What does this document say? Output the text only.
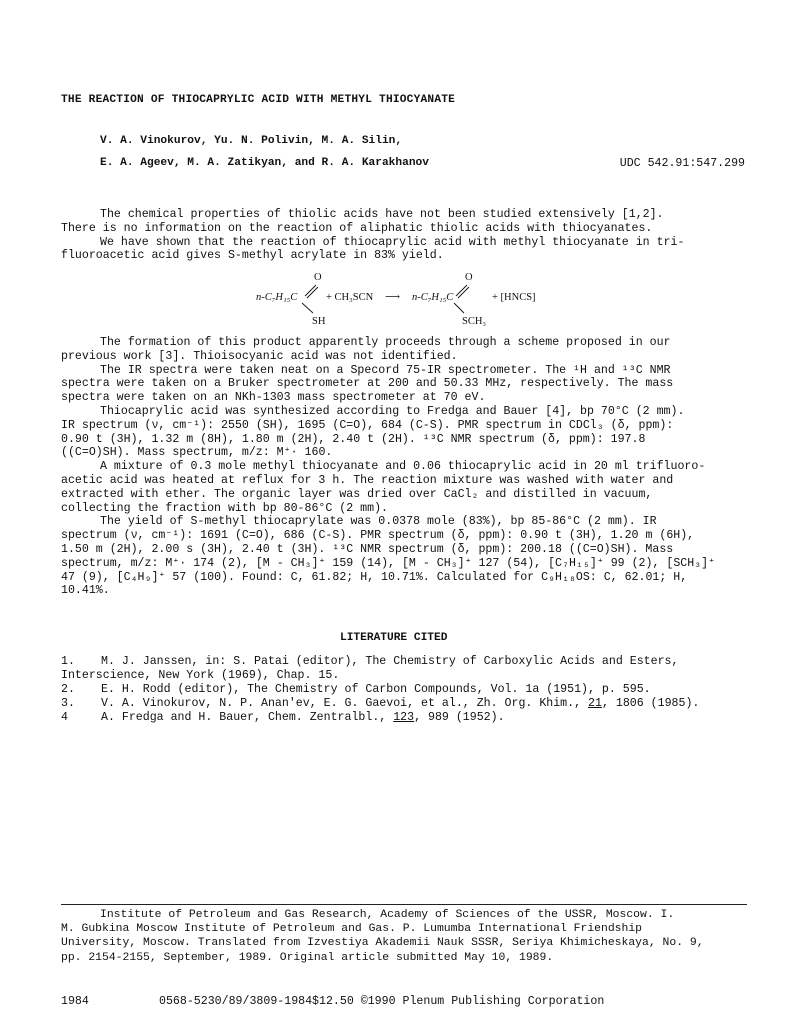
THE REACTION OF THIOCAPRYLIC ACID WITH METHYL THIOCYANATE
V. A. Vinokurov, Yu. N. Polivin, M. A. Silin,
E. A. Ageev, M. A. Zatikyan, and R. A. Karakhanov	UDC 542.91:547.299

The chemical properties of thiolic acids have not been studied extensively [1,2].

There is no information on the reaction of aliphatic thiolic acids with thiocyanates.

We have shown that the reaction of thiocaprylic acid with methyl thiocyanate in tri-

fluoroacetic acid gives S-methyl acrylate in 83% yield.

O
n-C₇H₁₅C
SH
+ CH₃SCN ⟶ n-C₇H₁₅C
O
SCH₃
+ [HNCS]

The formation of this product apparently proceeds through a scheme proposed in our

previous work [3]. Thioisocyanic acid was not identified.

The IR spectra were taken neat on a Specord 75-IR spectrometer. The ¹H and ¹³C NMR

spectra were taken on a Bruker spectrometer at 200 and 50.33 MHz, respectively. The mass

spectra were taken on an NKh-1303 mass spectrometer at 70 eV.

Thiocaprylic acid was synthesized according to Fredga and Bauer [4], bp 70°C (2 mm).

IR spectrum (ν, cm⁻¹): 2550 (SH), 1695 (C=O), 684 (C-S). PMR spectrum in CDCl₃ (δ, ppm):

0.90 t (3H), 1.32 m (8H), 1.80 m (2H), 2.40 t (2H). ¹³C NMR spectrum (δ, ppm): 197.8

((C=O)SH). Mass spectrum, m/z: M⁺· 160.

A mixture of 0.3 mole methyl thiocyanate and 0.06 thiocaprylic acid in 20 ml trifluoro-

acetic acid was heated at reflux for 3 h. The reaction mixture was washed with water and

extracted with ether. The organic layer was dried over CaCl₂ and distilled in vacuum,

collecting the fraction with bp 80-86°C (2 mm).

The yield of S-methyl thiocaprylate was 0.0378 mole (83%), bp 85-86°C (2 mm). IR

spectrum (ν, cm⁻¹): 1691 (C=O), 686 (C-S). PMR spectrum (δ, ppm): 0.90 t (3H), 1.20 m (6H),

1.50 m (2H), 2.00 s (3H), 2.40 t (3H). ¹³C NMR spectrum (δ, ppm): 200.18 ((C=O)SH). Mass

spectrum, m/z: M⁺· 174 (2), [M - CH₃]⁺ 159 (14), [M - CH₃]⁺ 127 (54), [C₇H₁₅]⁺ 99 (2), [SCH₃]⁺

47 (9), [C₄H₉]⁺ 57 (100). Found: C, 61.82; H, 10.71%. Calculated for C₉H₁₈OS: C, 62.01; H,

10.41%.

LITERATURE CITED
1.	M. J. Janssen, in: S. Patai (editor), The Chemistry of Carboxylic Acids and Esters,
Interscience, New York (1969), Chap. 15.
2.	E. H. Rodd (editor), The Chemistry of Carbon Compounds, Vol. 1a (1951), p. 595.
3.	V. A. Vinokurov, N. P. Anan'ev, E. G. Gaevoi, et al., Zh. Org. Khim., 21, 1806 (1985).
4	A. Fredga and H. Bauer, Chem. Zentralbl., 123, 989 (1952).

Institute of Petroleum and Gas Research, Academy of Sciences of the USSR, Moscow. I.

M. Gubkina Moscow Institute of Petroleum and Gas. P. Lumumba International Friendship

University, Moscow. Translated from Izvestiya Akademii Nauk SSSR, Seriya Khimicheskaya, No. 9,

pp. 2154-2155, September, 1989. Original article submitted May 10, 1989.

1984	0568-5230/89/3809-1984$12.50 ©1990 Plenum Publishing Corporation
